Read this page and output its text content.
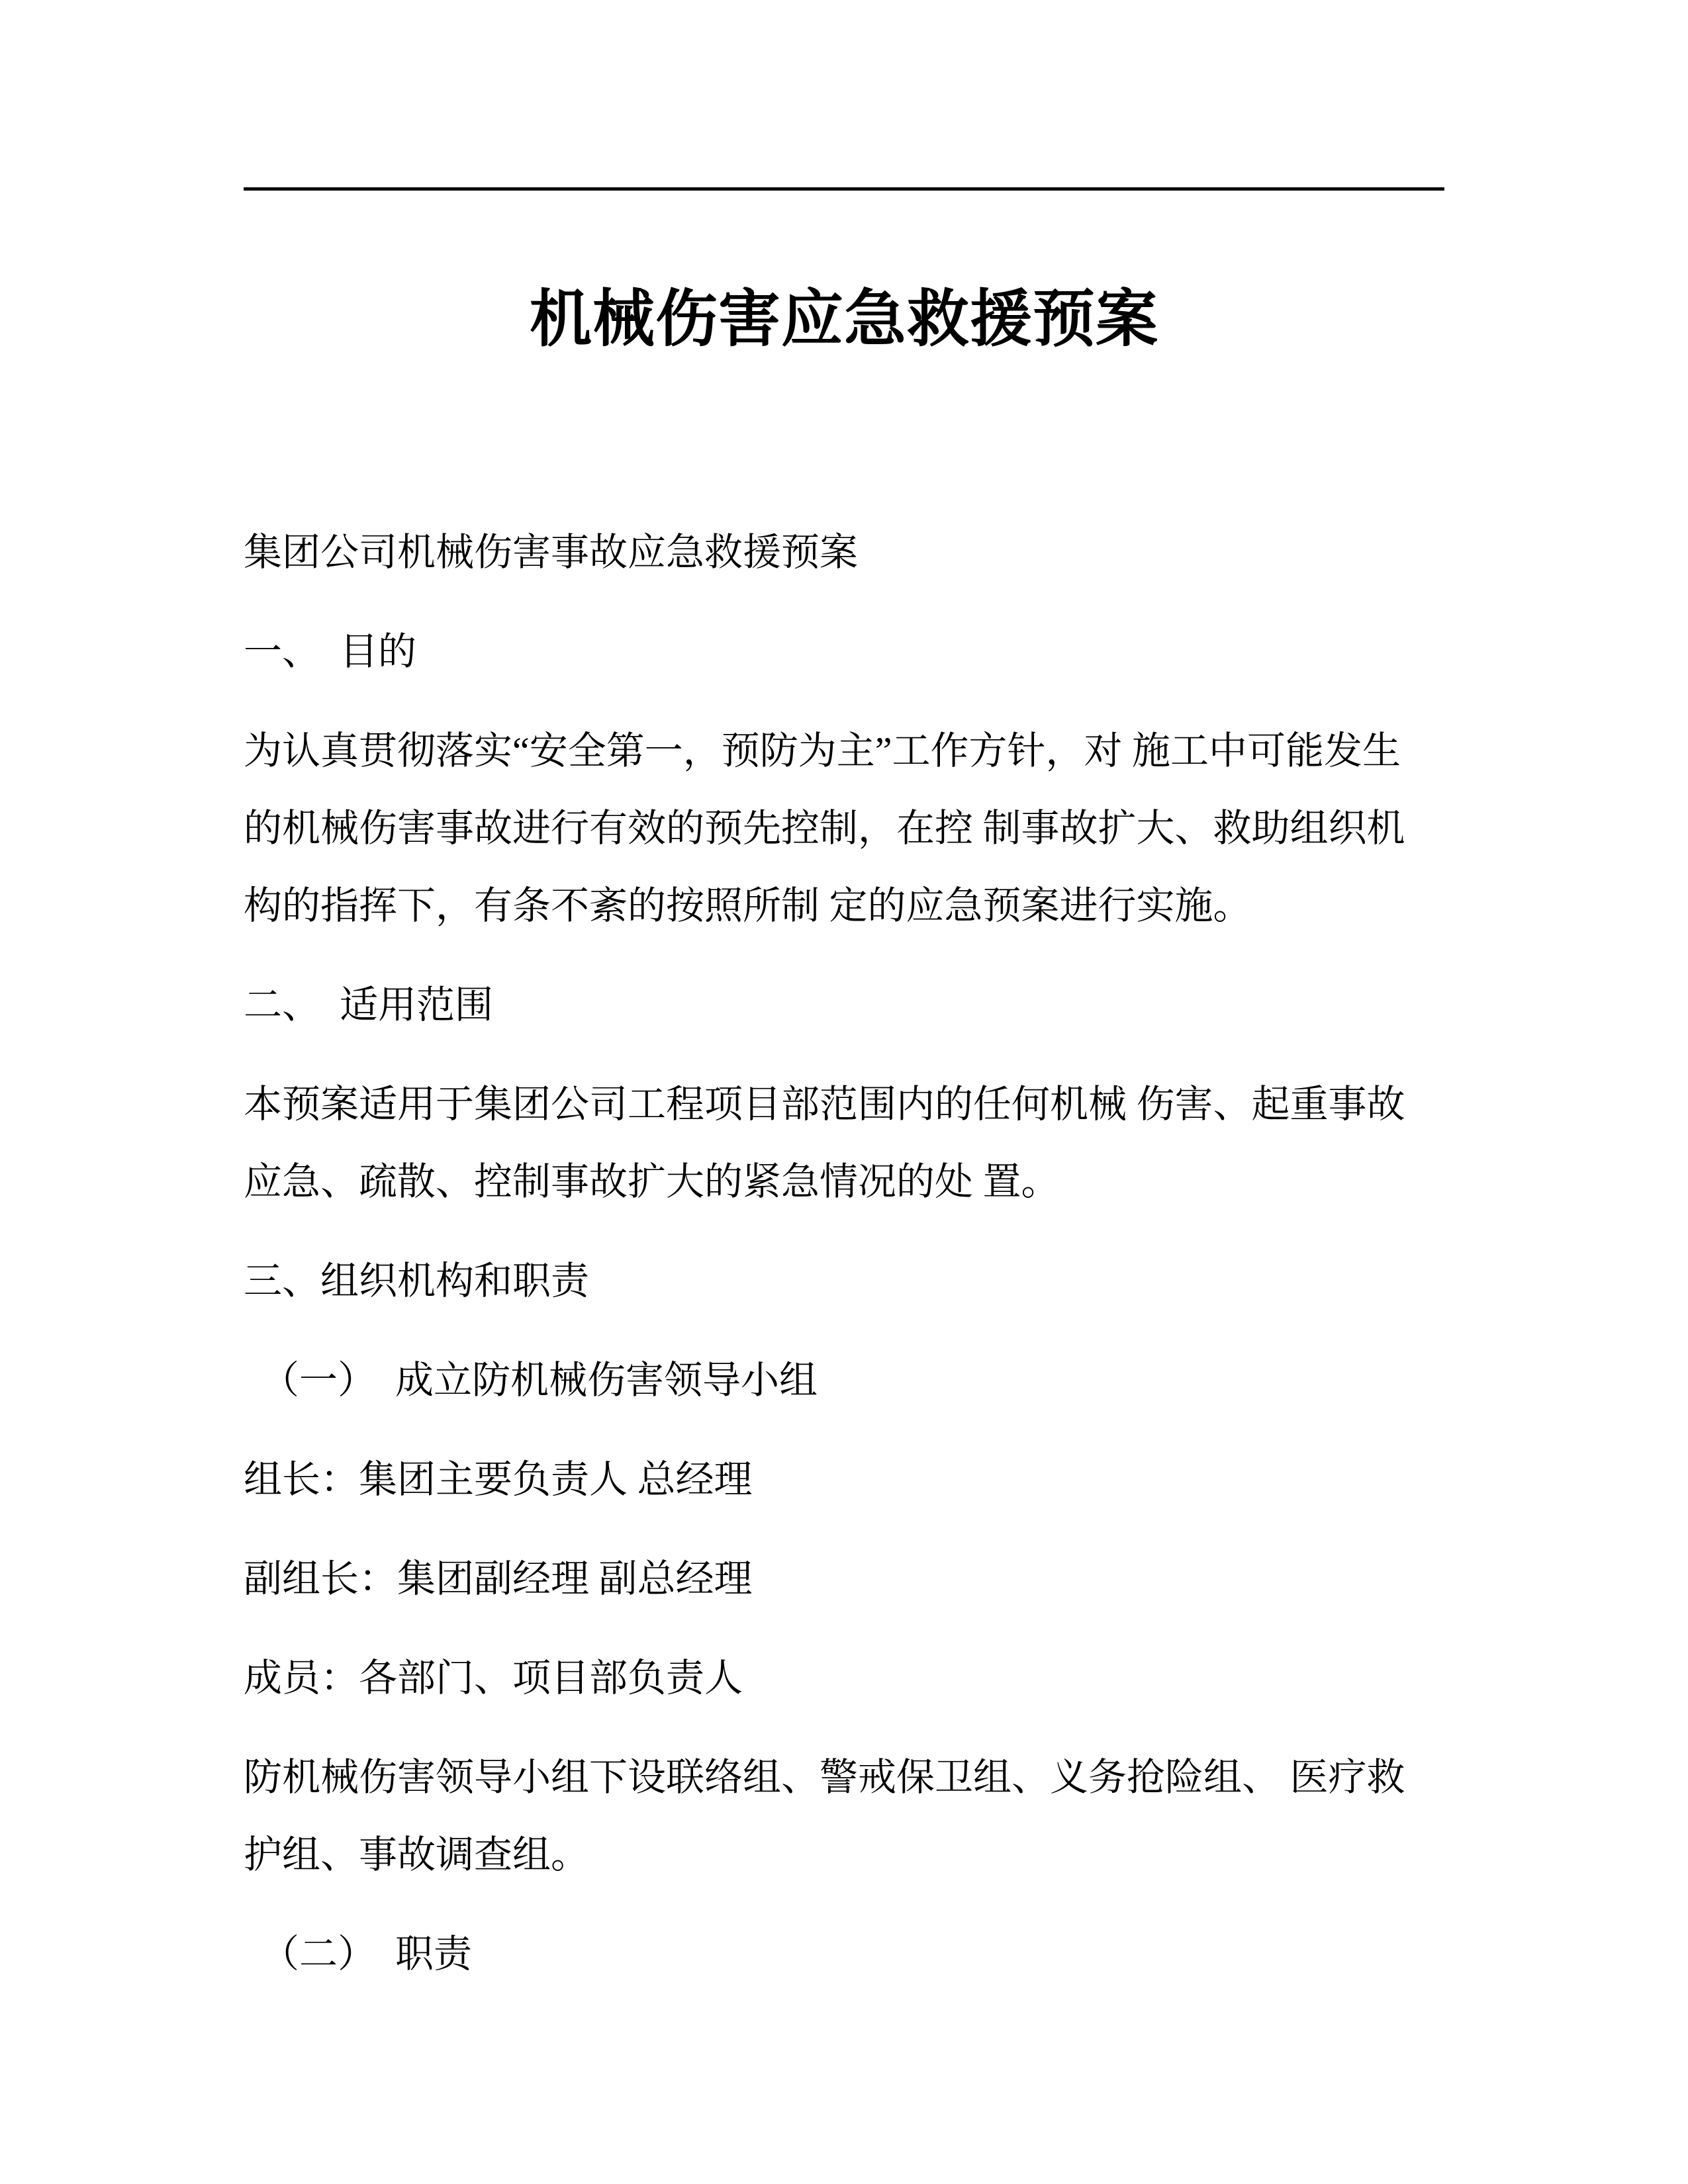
机械伤害应急救援预案
集团公司机械伤害事故应急救援预案
一、　目的
为认真贯彻落实“安全第一，预防为主”工作方针，对 施工中可能发生
的机械伤害事故进行有效的预先控制，在控 制事故扩大、救助组织机
构的指挥下，有条不紊的按照所制 定的应急预案进行实施。
二、　适用范围
本预案适用于集团公司工程项目部范围内的任何机械 伤害、起重事故
应急、疏散、控制事故扩大的紧急情况的处 置。
三、组织机构和职责
（一）　成立防机械伤害领导小组
组长：集团主要负责人 总经理
副组长：集团副经理 副总经理
成员：各部门、项目部负责人
防机械伤害领导小组下设联络组、警戒保卫组、义务抢险组、 医疗救
护组、事故调查组。
（二）　职责
